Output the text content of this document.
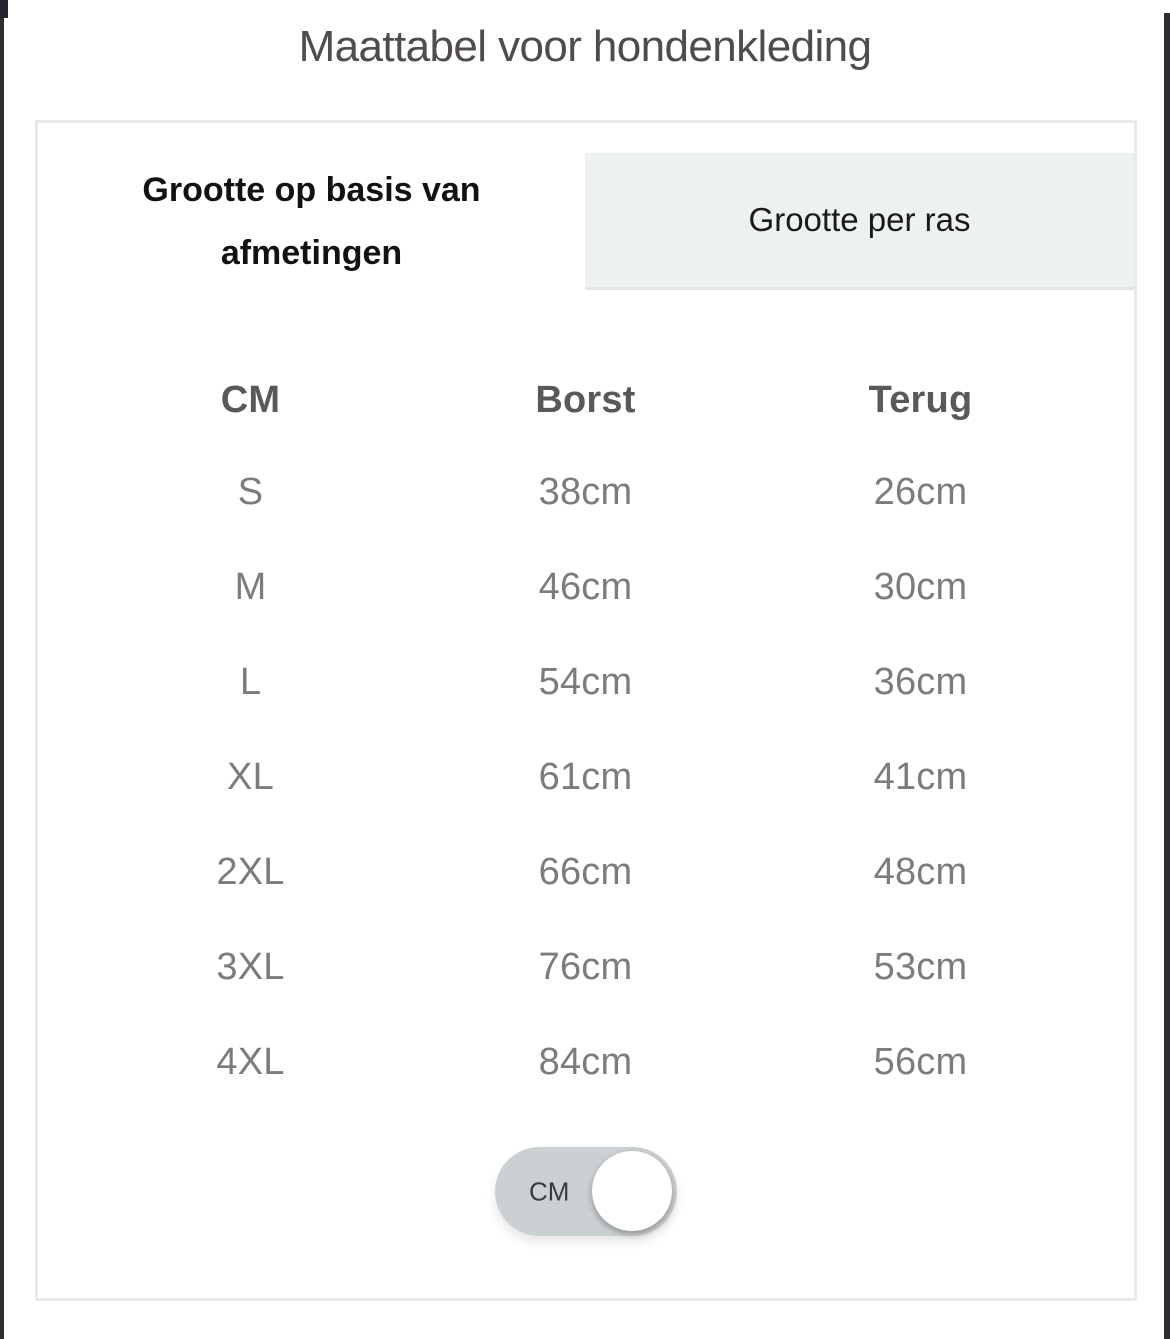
Maattabel voor hondenkleding
Grootte op basis van afmetingen
Grootte per ras
CM	Borst	Terug
S	38cm	26cm
M	46cm	30cm
L	54cm	36cm
XL	61cm	41cm
2XL	66cm	48cm
3XL	76cm	53cm
4XL	84cm	56cm
CM
